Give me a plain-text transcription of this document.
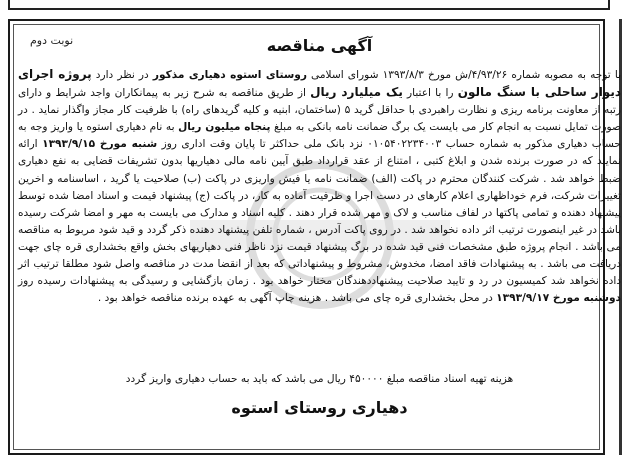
نوبت دوم	آگهی مناقصه
با توجه به مصوبه شماره ۴/۹۳/۲۶/ش مورخ ۱۳۹۳/۸/۳ شورای اسلامی روستای استوه دهیاری مذکور در نظر دارد پروژه اجرای دیوار ساحلی با سنگ مالون را با اعتبار یک میلیارد ریال از طریق مناقصه به شرح زیر به پیمانکاران واجد شرایط و دارای رتبه از معاونت برنامه ریزی و نظارت راهبردی با حداقل گرید ۵ (ساختمان، ابنیه و کلیه گریدهای راه) با ظرفیت کار مجاز واگذار نماید . در صورت تمایل نسبت به انجام کار می بایست یک برگ ضمانت نامه بانکی به مبلغ پنجاه میلیون ریال به نام دهیاری استوه یا واریز وجه به حساب دهیاری مذکور به شماره حساب ۰۱۰۵۴۰۲۲۳۴۰۰۳ نزد بانک ملی حداکثر تا پایان وقت اداری روز شنبه مورخ ۱۳۹۳/۹/۱۵ ارائه نمایند که در صورت برنده شدن و ابلاغ کتبی ، امتناع از عقد قرارداد طبق آیین نامه مالی دهیاریها بدون تشریفات قضایی به نفع دهیاری ضبط خواهد شد . شرکت کنندگان محترم در پاکت (الف) ضمانت نامه یا فیش واریزی در پاکت (ب) صلاحیت یا گرید ، اساسنامه و اخرین تغییرات شرکت، فرم خوداظهاری اعلام کارهای در دست اجرا و ظرفیت آماده به کار، در پاکت (ج) پیشنهاد قیمت و اسناد امضا شده توسط پیشنهاد دهنده و تمامی پاکتها در لفاف مناسب و لاک و مهر شده قرار دهند . کلیه اسناد و مدارک می بایست به مهر و امضا شرکت رسیده باشد در غیر اینصورت ترتیب اثر داده نخواهد شد . در روی پاکت آدرس ، شماره تلفن پیشنهاد دهنده ذکر گردد و قید شود مربوط به مناقصه می باشد . انجام پروژه طبق مشخصات فنی قید شده در برگ پیشنهاد قیمت نزد ناظر فنی دهیاریهای بخش واقع بخشداری قره چای جهت دریافت می باشد . به پیشنهادات فاقد امضا، مخدوش، مشروط و پیشنهاداتی که بعد از انقضا مدت در مناقصه واصل شود مطلقا ترتیب اثر داده نخواهد شد کمیسیون در رد و تایید صلاحیت پیشنهاددهندگان مختار خواهد بود . زمان بازگشایی و رسیدگی به پیشنهادات رسیده روز دوشنبه مورخ ۱۳۹۳/۹/۱۷ در محل بخشداری قره چای می باشد . هزینه چاپ آگهی به عهده برنده مناقصه خواهد بود .
هزینه تهیه اسناد مناقصه مبلغ ۴۵۰۰۰۰ ریال می باشد که باید به حساب دهیاری واریز گردد
دهیاری روستای استوه
